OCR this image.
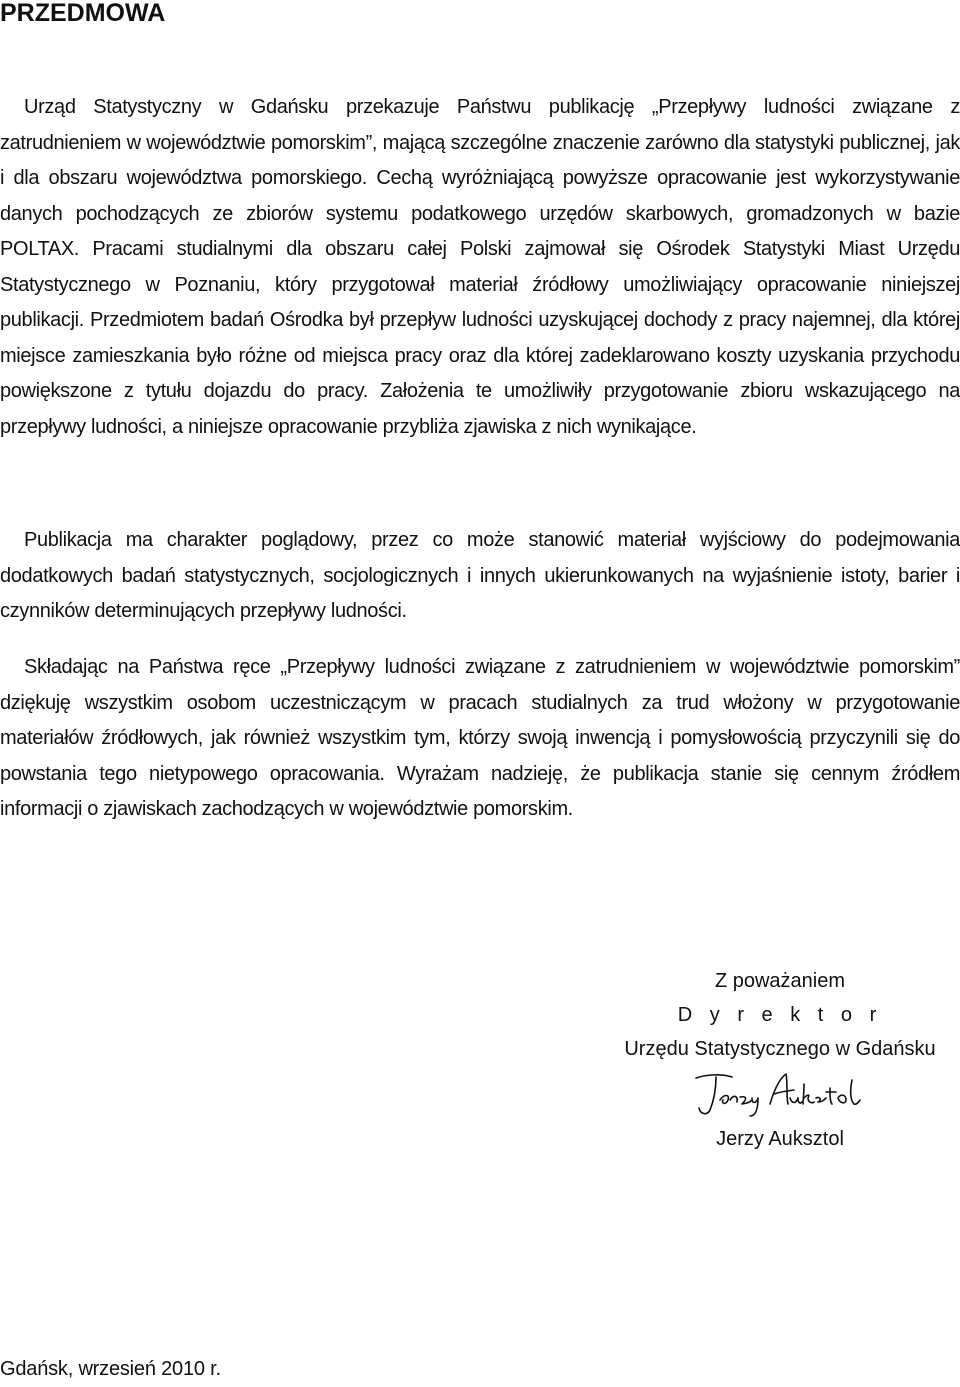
PRZEDMOWA

Urząd Statystyczny w Gdańsku przekazuje Państwu publikację „Przepływy ludności związane z zatrudnieniem w województwie pomorskim”, mającą szczególne znaczenie zarówno dla statystyki publicznej, jak i dla obszaru województwa pomorskiego. Cechą wyróżniającą powyższe opracowanie jest wykorzystywanie danych pochodzących ze zbiorów systemu podatkowego urzędów skarbowych, gromadzonych w bazie POLTAX. Pracami studialnymi dla obszaru całej Polski zajmował się Ośrodek Statystyki Miast Urzędu Statystycznego w Poznaniu, który przygotował materiał źródłowy umożliwiający opracowanie niniejszej publikacji. Przedmiotem badań Ośrodka był przepływ ludności uzyskującej dochody z pracy najemnej, dla której miejsce zamieszkania było różne od miejsca pracy oraz dla której zadeklarowano koszty uzyskania przychodu powiększone z tytułu dojazdu do pracy. Założenia te umożliwiły przygotowanie zbioru wskazującego na przepływy ludności, a niniejsze opracowanie przybliża zjawiska z nich wynikające.

Publikacja ma charakter poglądowy, przez co może stanowić materiał wyjściowy do podejmowania dodatkowych badań statystycznych, socjologicznych i innych ukierunkowanych na wyjaśnienie istoty, barier i czynników determinujących przepływy ludności.

Składając na Państwa ręce „Przepływy ludności związane z zatrudnieniem w województwie pomorskim” dziękuję wszystkim osobom uczestniczącym w pracach studialnych za trud włożony w przygotowanie materiałów źródłowych, jak również wszystkim tym, którzy swoją inwencją i pomysłowością przyczynili się do powstania tego nietypowego opracowania. Wyrażam nadzieję, że publikacja stanie się cennym źródłem informacji o zjawiskach zachodzących w województwie pomorskim.

Z poważaniem
D y r e k t o r
Urzędu Statystycznego w Gdańsku
Jerzy Auksztol
Gdańsk, wrzesień 2010 r.
